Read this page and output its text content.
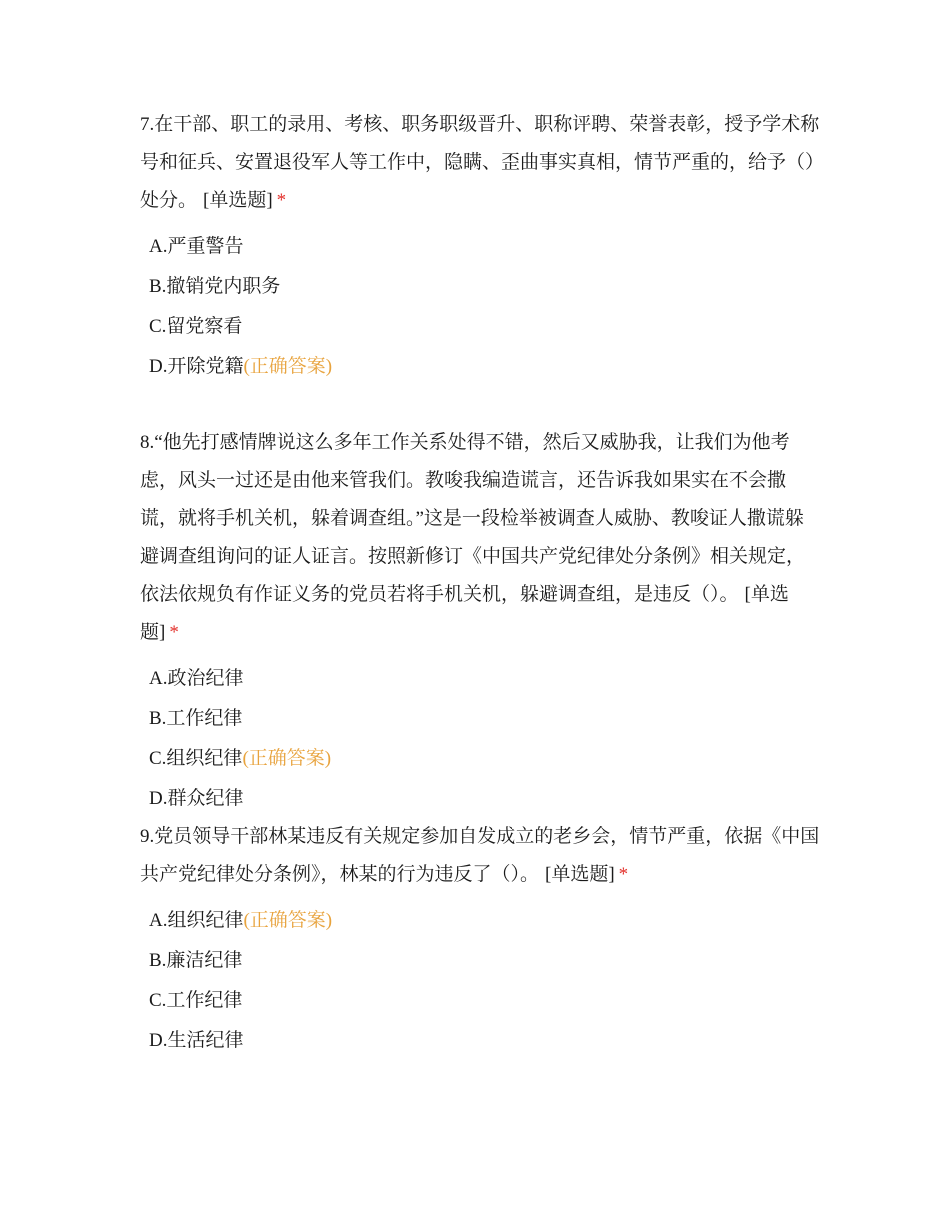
7.在干部、职工的录用、考核、职务职级晋升、职称评聘、荣誉表彰，授予学术称号和征兵、安置退役军人等工作中，隐瞒、歪曲事实真相，情节严重的，给予（）处分。 [单选题] *

A.严重警告
B.撤销党内职务
C.留党察看
D.开除党籍(正确答案)

8.“他先打感情牌说这么多年工作关系处得不错，然后又威胁我，让我们为他考虑，风头一过还是由他来管我们。教唆我编造谎言，还告诉我如果实在不会撒谎，就将手机关机，躲着调查组。”这是一段检举被调查人威胁、教唆证人撒谎躲避调查组询问的证人证言。按照新修订《中国共产党纪律处分条例》相关规定，依法依规负有作证义务的党员若将手机关机，躲避调查组，是违反（）。 [单选题] *

A.政治纪律
B.工作纪律
C.组织纪律(正确答案)
D.群众纪律

9.党员领导干部林某违反有关规定参加自发成立的老乡会，情节严重，依据《中国共产党纪律处分条例》，林某的行为违反了（）。 [单选题] *

A.组织纪律(正确答案)
B.廉洁纪律
C.工作纪律
D.生活纪律
